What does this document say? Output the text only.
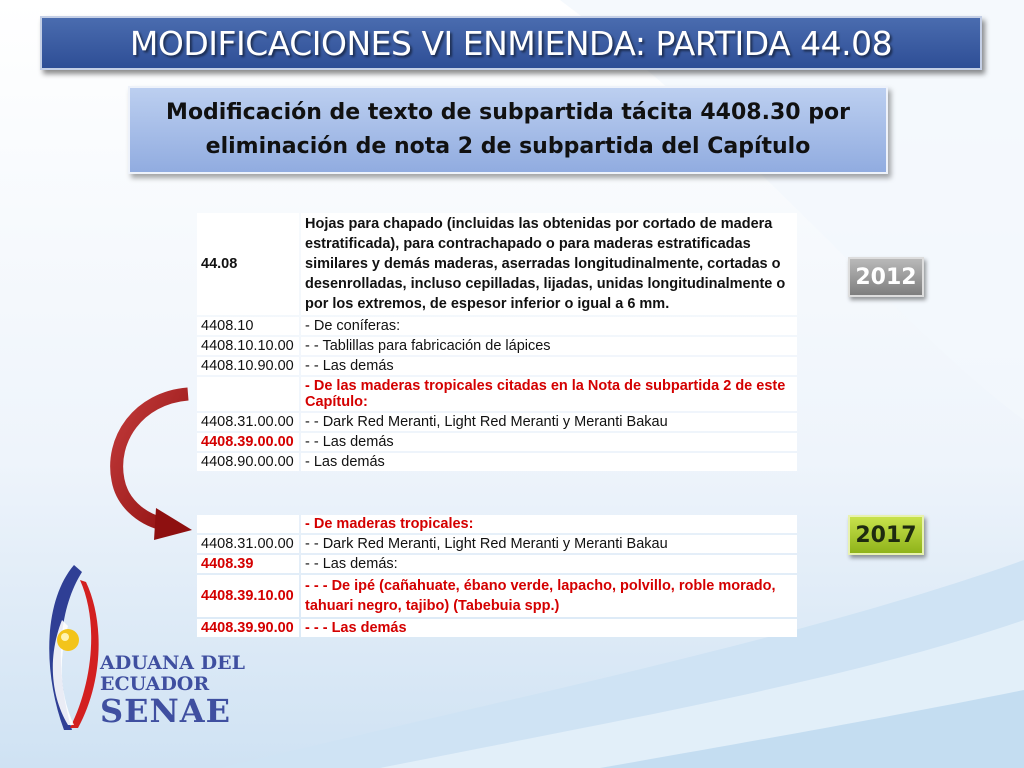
MODIFICACIONES VI ENMIENDA: PARTIDA 44.08
Modificación de texto de subpartida tácita 4408.30 por eliminación de nota 2 de subpartida del Capítulo
44.08	Hojas para chapado (incluidas las obtenidas por cortado de madera estratificada), para contrachapado o para maderas estratificadas similares y demás maderas, aserradas longitudinalmente, cortadas o desenrolladas, incluso cepilladas, lijadas, unidas longitudinalmente o por los extremos, de espesor inferior o igual a 6 mm.
4408.10	- De coníferas:
4408.10.10.00	- - Tablillas para fabricación de lápices
4408.10.90.00	- - Las demás
	- De las maderas tropicales citadas en la Nota de subpartida 2 de este Capítulo:
4408.31.00.00	- - Dark Red Meranti, Light Red Meranti y Meranti Bakau
4408.39.00.00	- - Las demás
4408.90.00.00	- Las demás
2012
	- De maderas tropicales:
4408.31.00.00	- - Dark Red Meranti, Light Red Meranti y Meranti Bakau
4408.39	- - Las demás:
4408.39.10.00	- - - De ipé (cañahuate, ébano verde, lapacho, polvillo, roble morado, tahuari negro, tajibo) (Tabebuia spp.)
4408.39.90.00	- - - Las demás
2017
ADUANA DEL
ECUADOR
SENAE
